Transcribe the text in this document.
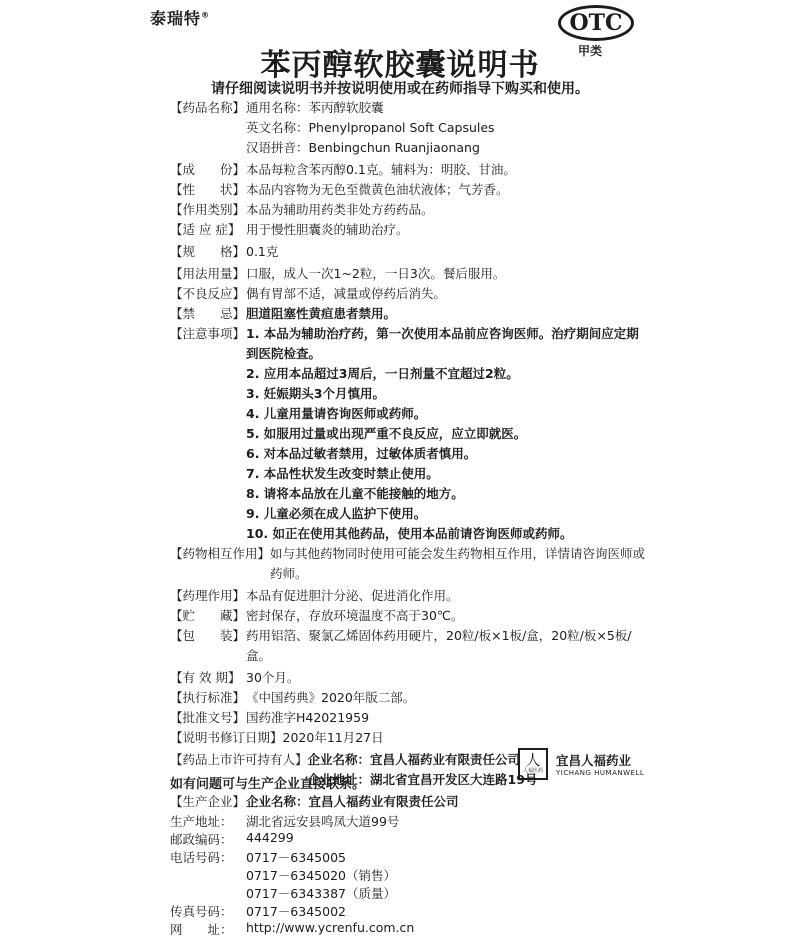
泰瑞特®	OTC
甲类
苯丙醇软胶囊说明书
请仔细阅读说明书并按说明使用或在药师指导下购买和使用。
【药品名称】 通用名称：苯丙醇软胶囊
英文名称：Phenylpropanol Soft Capsules
汉语拼音：Benbingchun Ruanjiaonang
【成　　份】 本品每粒含苯丙醇0.1克。辅料为：明胶、甘油。
【性　　状】 本品内容物为无色至微黄色油状液体；气芳香。
【作用类别】 本品为辅助用药类非处方药药品。
【适 应 症】 用于慢性胆囊炎的辅助治疗。
【规　　格】 0.1克
【用法用量】 口服，成人一次1~2粒，一日3次。餐后服用。
【不良反应】 偶有胃部不适，减量或停药后消失。
【禁　　忌】 胆道阻塞性黄疸患者禁用。
【注意事项】 1. 本品为辅助治疗药，第一次使用本品前应咨询医师。治疗期间应定期到医院检查。
2. 应用本品超过3周后，一日剂量不宜超过2粒。
3. 妊娠期头3个月慎用。
4. 儿童用量请咨询医师或药师。
5. 如服用过量或出现严重不良反应，应立即就医。
6. 对本品过敏者禁用，过敏体质者慎用。
7. 本品性状发生改变时禁止使用。
8. 请将本品放在儿童不能接触的地方。
9. 儿童必须在成人监护下使用。
10. 如正在使用其他药品，使用本品前请咨询医师或药师。
【药物相互作用】 如与其他药物同时使用可能会发生药物相互作用，详情请咨询医师或药师。
【药理作用】 本品有促进胆汁分泌、促进消化作用。
【贮　　藏】 密封保存，存放环境温度不高于30℃。
【包　　装】 药用铝箔、聚氯乙烯固体药用硬片，20粒/板×1板/盒，20粒/板×5板/盒。
【有 效 期】 30个月。
【执行标准】 《中国药典》2020年版二部。
【批准文号】 国药准字H42021959
【说明书修订日期】 2020年11月27日
【药品上市许可持有人】 企业名称：宜昌人福药业有限责任公司
企业地址：湖北省宜昌开发区大连路19号
【生产企业】 企业名称： 宜昌人福药业有限责任公司
生产地址：	湖北省远安县鸣凤大道99号
邮政编码：	444299
电话号码：	0717－6345005
0717－6345020（销售）
0717－6343387（质量）
传真号码：	0717－6345002
网　　址：	http://www.ycrenfu.com.cn
人
人福医药
宜昌人福药业
YICHANG HUMANWELL
如有问题可与生产企业直接联系。
